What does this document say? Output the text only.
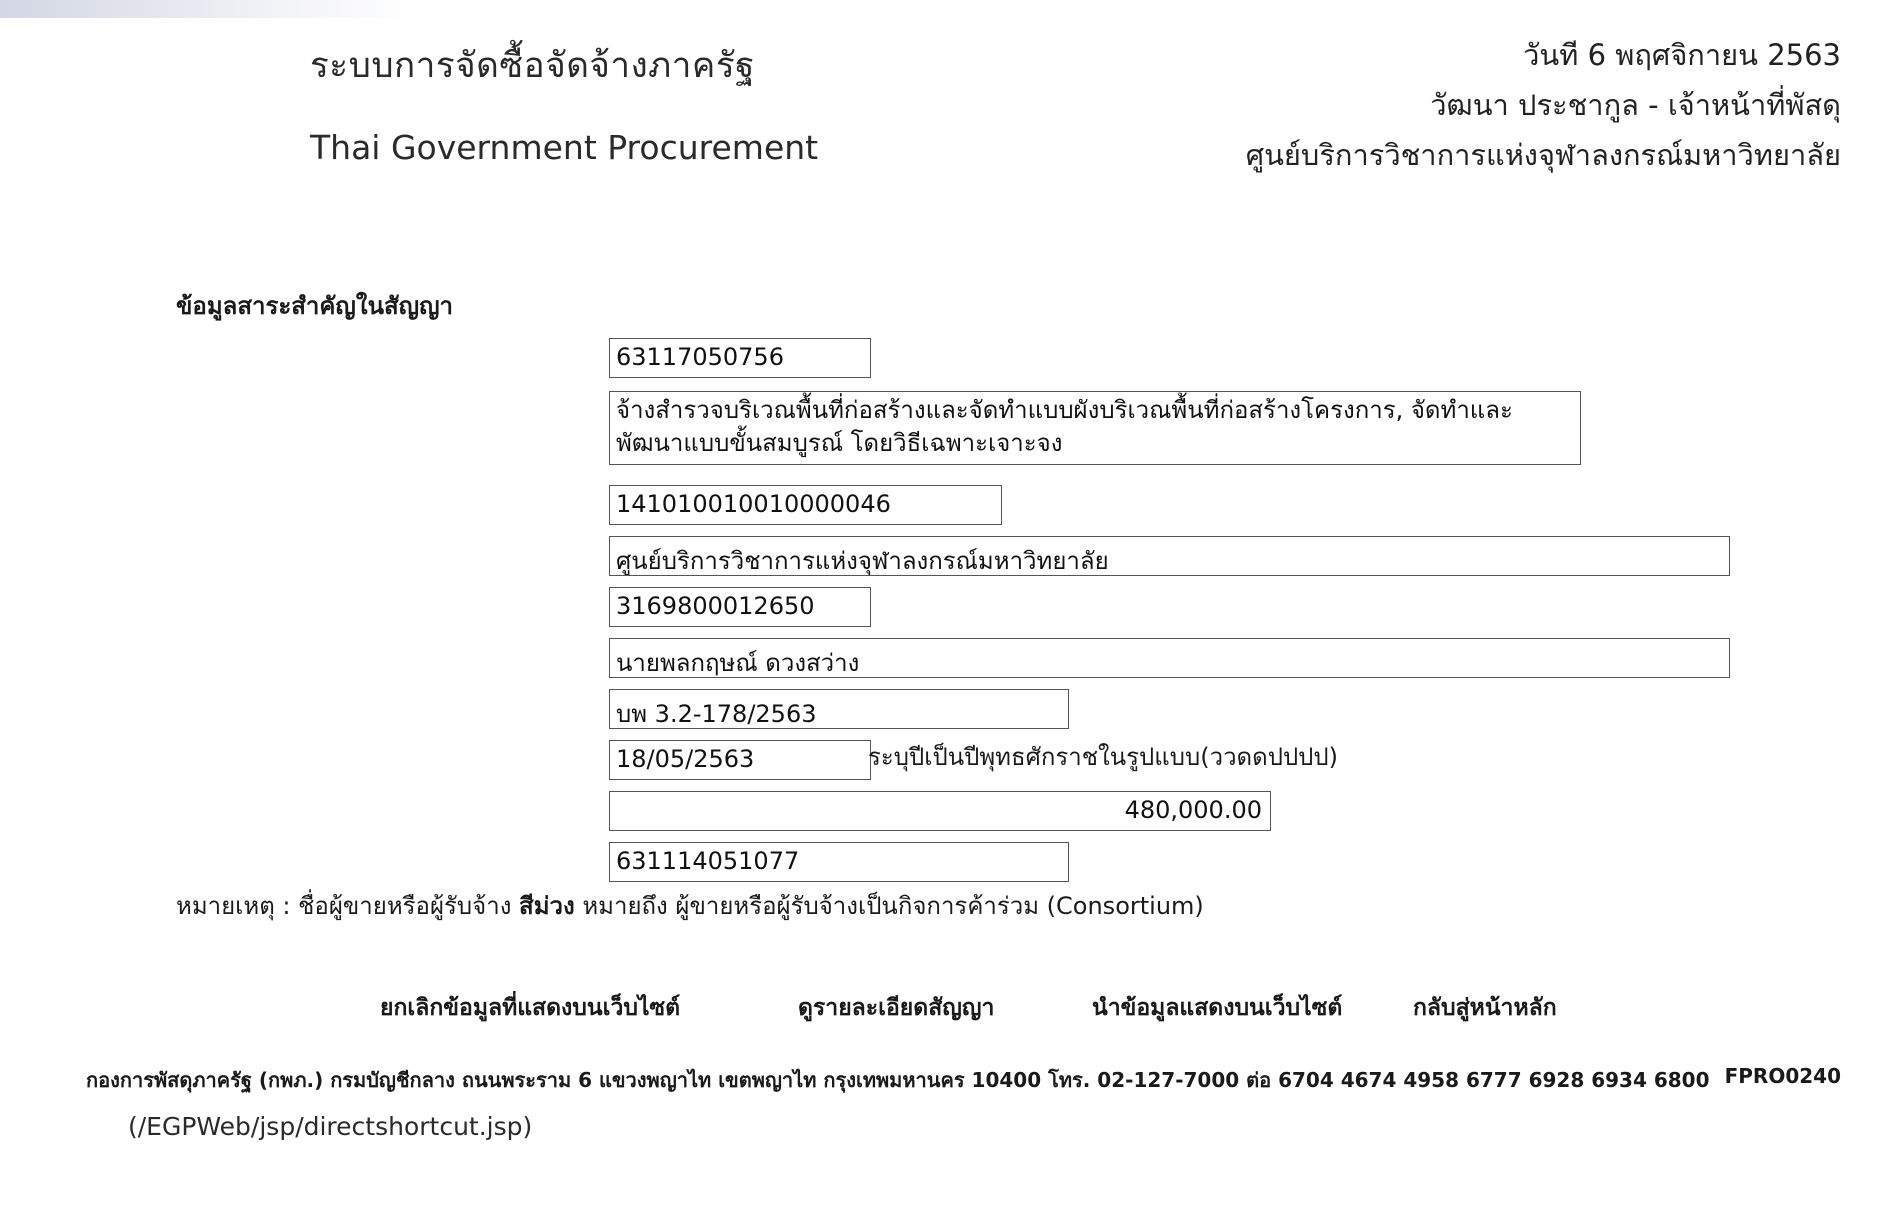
ระบบการจัดซื้อจัดจ้างภาครัฐ
Thai Government Procurement
วันที 6 พฤศจิกายน 2563
วัฒนา ประชากูล - เจ้าหน้าที่พัสดุ
ศูนย์บริการวิชาการแห่งจุฬาลงกรณ์มหาวิทยาลัย
ข้อมูลสาระสำคัญในสัญญา
63117050756
จ้างสำรวจบริเวณพื้นที่ก่อสร้างและจัดทำแบบผังบริเวณพื้นที่ก่อสร้างโครงการ, จัดทำและพัฒนาแบบขั้นสมบูรณ์ โดยวิธีเฉพาะเจาะจง
141010010010000046
ศูนย์บริการวิชาการแห่งจุฬาลงกรณ์มหาวิทยาลัย
3169800012650
นายพลกฤษณ์ ดวงสว่าง
บพ 3.2-178/2563
18/05/2563	ระบุปีเป็นปีพุทธศักราชในรูปแบบ(ววดดปปปป)
480,000.00
631114051077
หมายเหตุ : ชื่อผู้ขายหรือผู้รับจ้าง สีม่วง หมายถึง ผู้ขายหรือผู้รับจ้างเป็นกิจการค้าร่วม (Consortium)
ยกเลิกข้อมูลที่แสดงบนเว็บไซต์	ดูรายละเอียดสัญญา	นำข้อมูลแสดงบนเว็บไซต์	กลับสู่หน้าหลัก
กองการพัสดุภาครัฐ (กพภ.) กรมบัญชีกลาง ถนนพระราม 6 แขวงพญาไท เขตพญาไท กรุงเทพมหานคร 10400 โทร. 02-127-7000 ต่อ 6704 4674 4958 6777 6928 6934 6800 FPRO0240
(/EGPWeb/jsp/directshortcut.jsp)
